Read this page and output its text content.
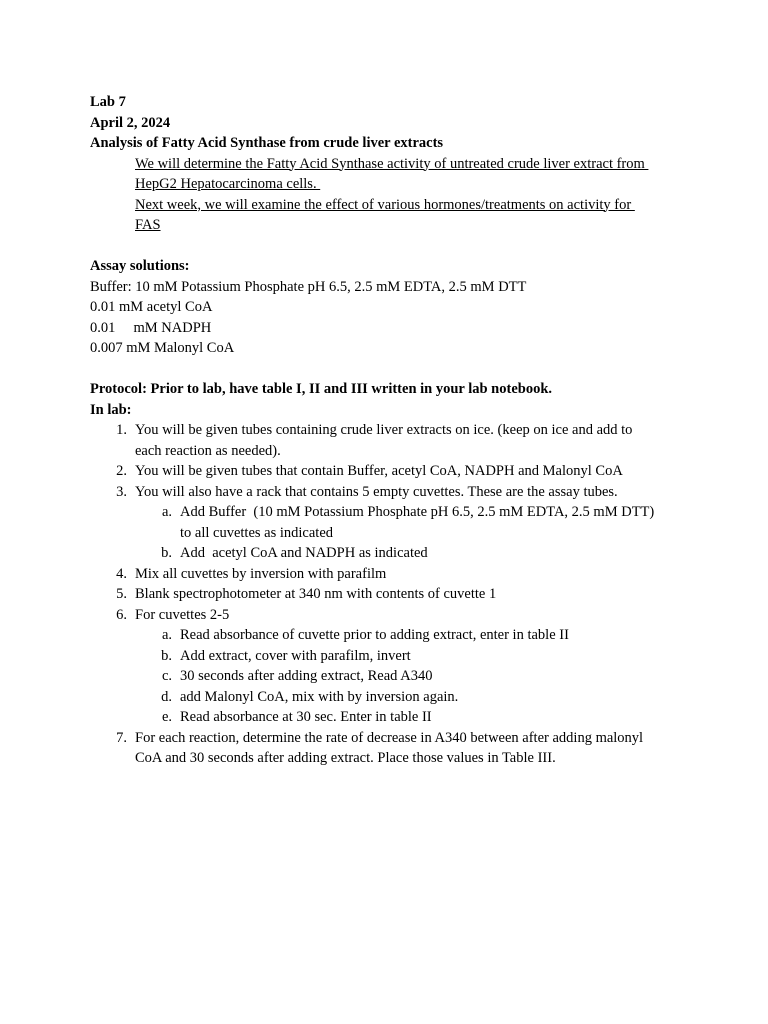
Lab 7
April 2, 2024
Analysis of Fatty Acid Synthase from crude liver extracts
We will determine the Fatty Acid Synthase activity of untreated crude liver extract from
HepG2 Hepatocarcinoma cells.
Next week, we will examine the effect of various hormones/treatments on activity for
FAS
Assay solutions:
Buffer: 10 mM Potassium Phosphate pH 6.5, 2.5 mM EDTA, 2.5 mM DTT
0.01 mM acetyl CoA
0.01     mM NADPH
0.007 mM Malonyl CoA
Protocol: Prior to lab, have table I, II and III written in your lab notebook.
In lab:
1. You will be given tubes containing crude liver extracts on ice. (keep on ice and add to
each reaction as needed).
2. You will be given tubes that contain Buffer, acetyl CoA, NADPH and Malonyl CoA
3. You will also have a rack that contains 5 empty cuvettes. These are the assay tubes.
a. Add Buffer  (10 mM Potassium Phosphate pH 6.5, 2.5 mM EDTA, 2.5 mM DTT)
to all cuvettes as indicated
b. Add  acetyl CoA and NADPH as indicated
4. Mix all cuvettes by inversion with parafilm
5. Blank spectrophotometer at 340 nm with contents of cuvette 1
6. For cuvettes 2-5
a. Read absorbance of cuvette prior to adding extract, enter in table II
b. Add extract, cover with parafilm, invert
c. 30 seconds after adding extract, Read A340
d. add Malonyl CoA, mix with by inversion again.
e. Read absorbance at 30 sec. Enter in table II
7. For each reaction, determine the rate of decrease in A340 between after adding malonyl
CoA and 30 seconds after adding extract. Place those values in Table III.
